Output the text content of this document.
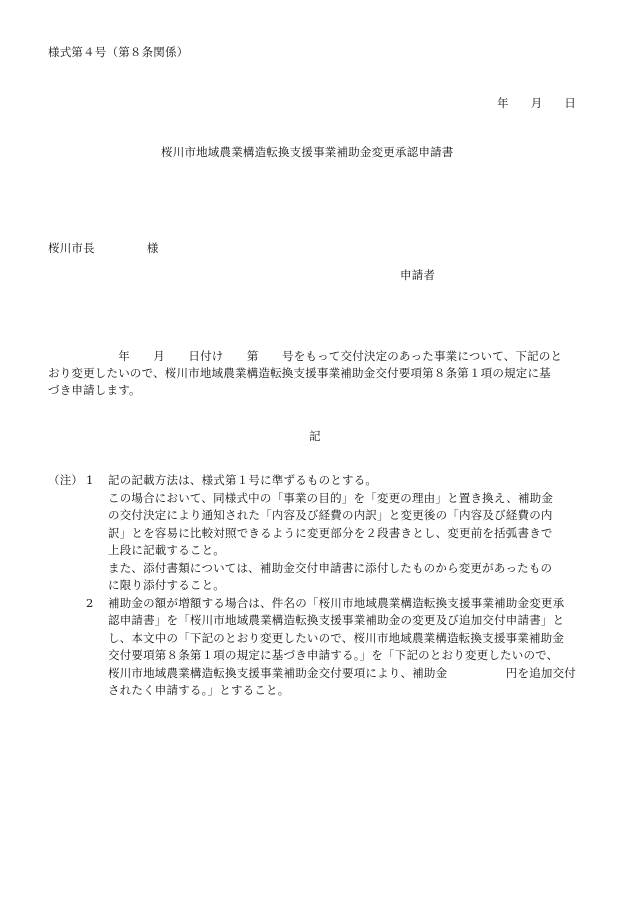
様式第４号（第８条関係）
年 月 日
桜川市地域農業構造転換支援事業補助金変更承認申請書
桜川市長	様
申請者

　　　　　　年　　月　　日付け　　第　　号をもって交付決定のあった事業について、下記のと

おり変更したいので、桜川市地域農業構造転換支援事業補助金交付要項第８条第１項の規定に基

づき申請します。

記
（注） 1 記の記載方法は、様式第１号に準ずるものとする。

この場合において、同様式中の「事業の目的」を「変更の理由」と置き換え、補助金

の交付決定により通知された「内容及び経費の内訳」と変更後の「内容及び経費の内

訳」とを容易に比較対照できるように変更部分を２段書きとし、変更前を括弧書きで

上段に記載すること。

また、添付書類については、補助金交付申請書に添付したものから変更があったもの

に限り添付すること。

2 補助金の額が増額する場合は、件名の「桜川市地域農業構造転換支援事業補助金変更承

認申請書」を「桜川市地域農業構造転換支援事業補助金の変更及び追加交付申請書」と

し、本文中の「下記のとおり変更したいので、桜川市地域農業構造転換支援事業補助金

交付要項第８条第１項の規定に基づき申請する。」を「下記のとおり変更したいので、

桜川市地域農業構造転換支援事業補助金交付要項により、補助金　　　　　円を追加交付

されたく申請する。」とすること。
